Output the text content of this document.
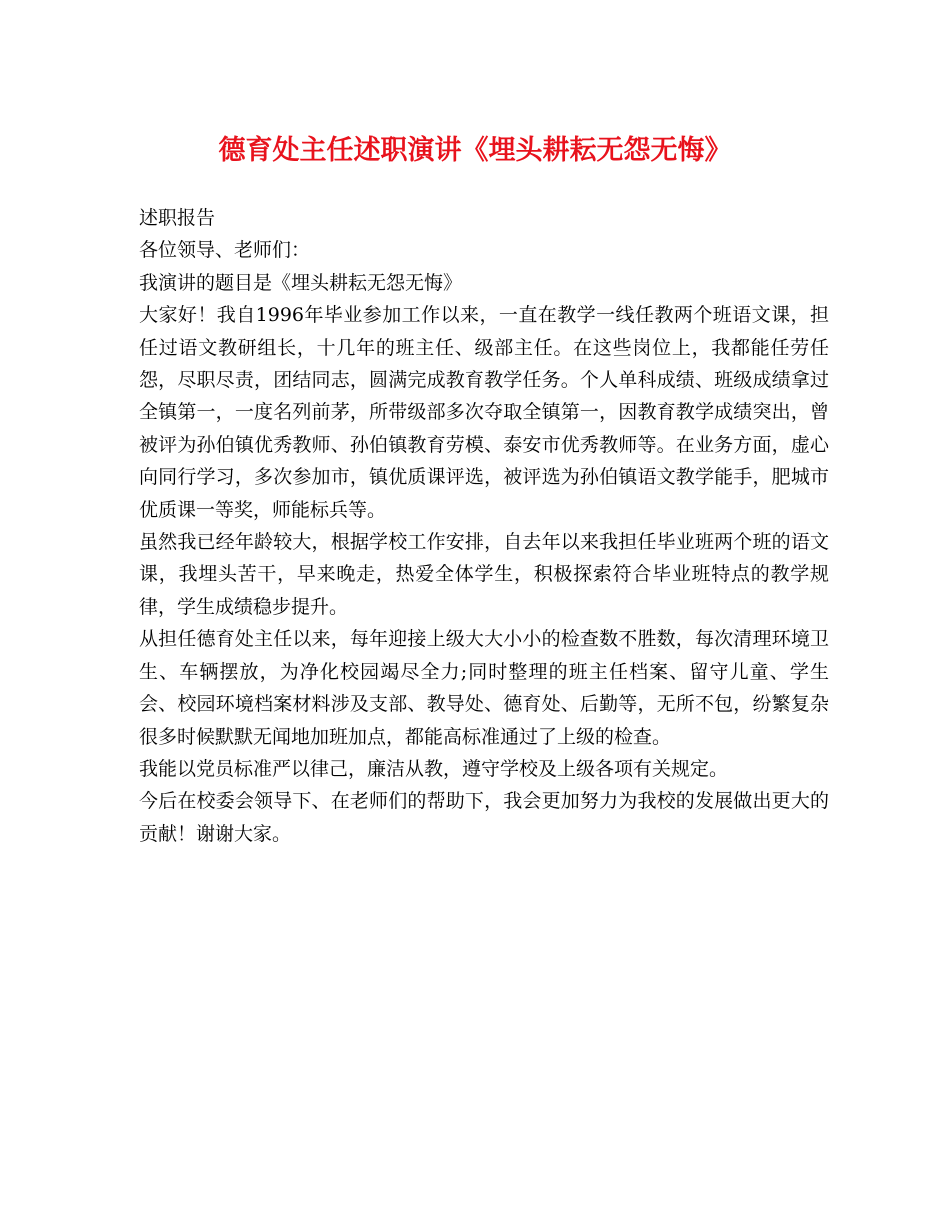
德育处主任述职演讲《埋头耕耘无怨无悔》

述职报告

各位领导、老师们：

我演讲的题目是《埋头耕耘无怨无悔》

大家好！我自1996年毕业参加工作以来，一直在教学一线任教两个班语文课，担任过语文教研组长，十几年的班主任、级部主任。在这些岗位上，我都能任劳任怨，尽职尽责，团结同志，圆满完成教育教学任务。个人单科成绩、班级成绩拿过全镇第一，一度名列前茅，所带级部多次夺取全镇第一，因教育教学成绩突出，曾被评为孙伯镇优秀教师、孙伯镇教育劳模、泰安市优秀教师等。在业务方面，虚心向同行学习，多次参加市，镇优质课评选，被评选为孙伯镇语文教学能手，肥城市优质课一等奖，师能标兵等。

虽然我已经年龄较大，根据学校工作安排，自去年以来我担任毕业班两个班的语文课，我埋头苦干，早来晚走，热爱全体学生，积极探索符合毕业班特点的教学规律，学生成绩稳步提升。

从担任德育处主任以来，每年迎接上级大大小小的检查数不胜数，每次清理环境卫生、车辆摆放，为净化校园竭尽全力;同时整理的班主任档案、留守儿童、学生会、校园环境档案材料涉及支部、教导处、德育处、后勤等，无所不包，纷繁复杂很多时候默默无闻地加班加点，都能高标准通过了上级的检查。

我能以党员标准严以律己，廉洁从教，遵守学校及上级各项有关规定。

今后在校委会领导下、在老师们的帮助下，我会更加努力为我校的发展做出更大的贡献！谢谢大家。
